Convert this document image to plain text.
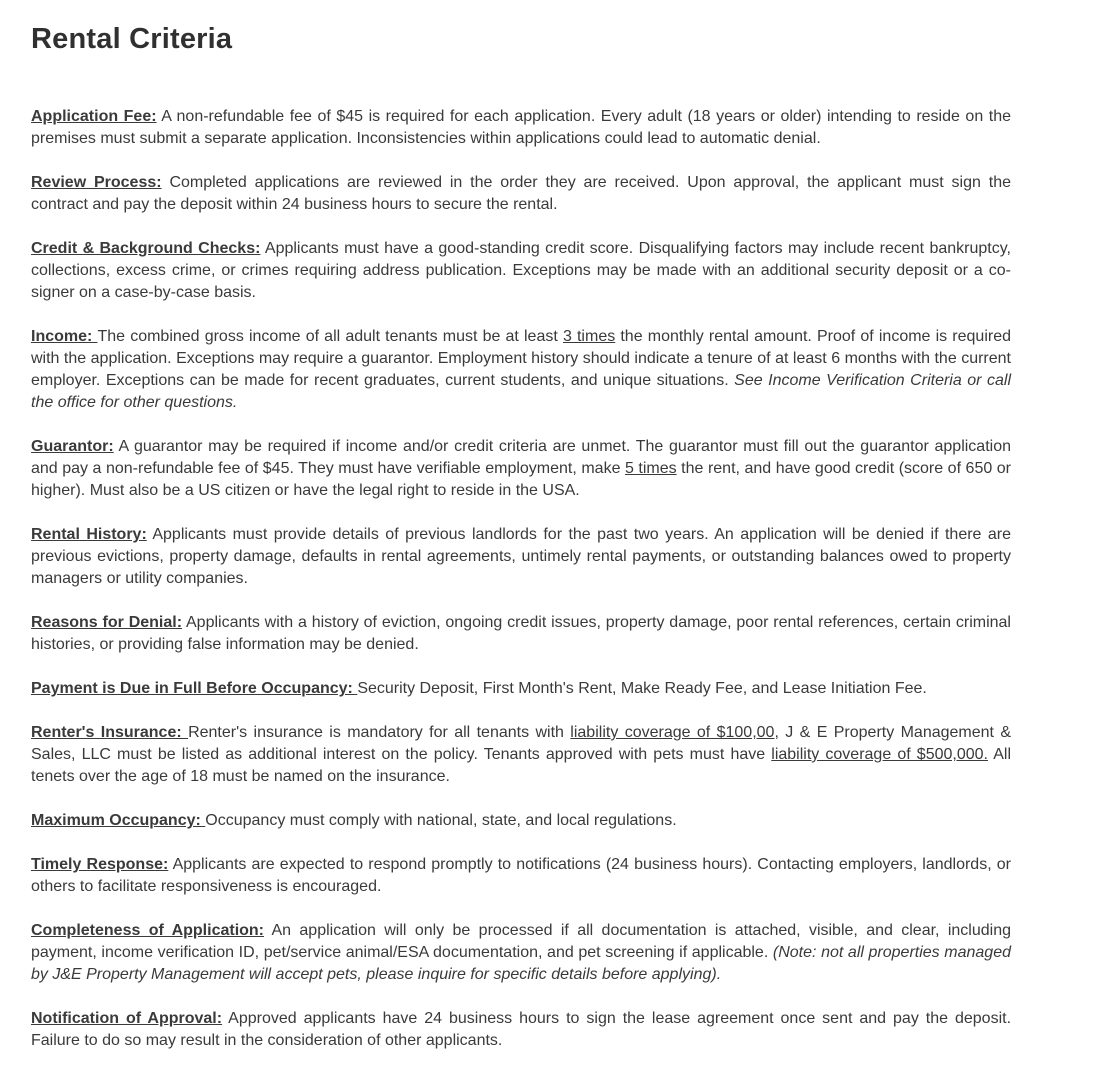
Rental Criteria

Application Fee: A non-refundable fee of $45 is required for each application. Every adult (18 years or older) intending to reside on the premises must submit a separate application. Inconsistencies within applications could lead to automatic denial.

Review Process: Completed applications are reviewed in the order they are received. Upon approval, the applicant must sign the contract and pay the deposit within 24 business hours to secure the rental.

Credit & Background Checks: Applicants must have a good-standing credit score. Disqualifying factors may include recent bankruptcy, collections, excess crime, or crimes requiring address publication. Exceptions may be made with an additional security deposit or a co-signer on a case-by-case basis.

Income: The combined gross income of all adult tenants must be at least 3 times the monthly rental amount. Proof of income is required with the application. Exceptions may require a guarantor. Employment history should indicate a tenure of at least 6 months with the current employer. Exceptions can be made for recent graduates, current students, and unique situations. See Income Verification Criteria or call the office for other questions.

Guarantor: A guarantor may be required if income and/or credit criteria are unmet. The guarantor must fill out the guarantor application and pay a non-refundable fee of $45. They must have verifiable employment, make 5 times the rent, and have good credit (score of 650 or higher). Must also be a US citizen or have the legal right to reside in the USA.

Rental History: Applicants must provide details of previous landlords for the past two years. An application will be denied if there are previous evictions, property damage, defaults in rental agreements, untimely rental payments, or outstanding balances owed to property managers or utility companies.

Reasons for Denial: Applicants with a history of eviction, ongoing credit issues, property damage, poor rental references, certain criminal histories, or providing false information may be denied.

Payment is Due in Full Before Occupancy: Security Deposit, First Month's Rent, Make Ready Fee, and Lease Initiation Fee.

Renter's Insurance: Renter's insurance is mandatory for all tenants with liability coverage of $100,00, J & E Property Management & Sales, LLC must be listed as additional interest on the policy. Tenants approved with pets must have liability coverage of $500,000. All tenets over the age of 18 must be named on the insurance.

Maximum Occupancy: Occupancy must comply with national, state, and local regulations.

Timely Response: Applicants are expected to respond promptly to notifications (24 business hours). Contacting employers, landlords, or others to facilitate responsiveness is encouraged.

Completeness of Application: An application will only be processed if all documentation is attached, visible, and clear, including payment, income verification ID, pet/service animal/ESA documentation, and pet screening if applicable. (Note: not all properties managed by J&E Property Management will accept pets, please inquire for specific details before applying).

Notification of Approval: Approved applicants have 24 business hours to sign the lease agreement once sent and pay the deposit. Failure to do so may result in the consideration of other applicants.
